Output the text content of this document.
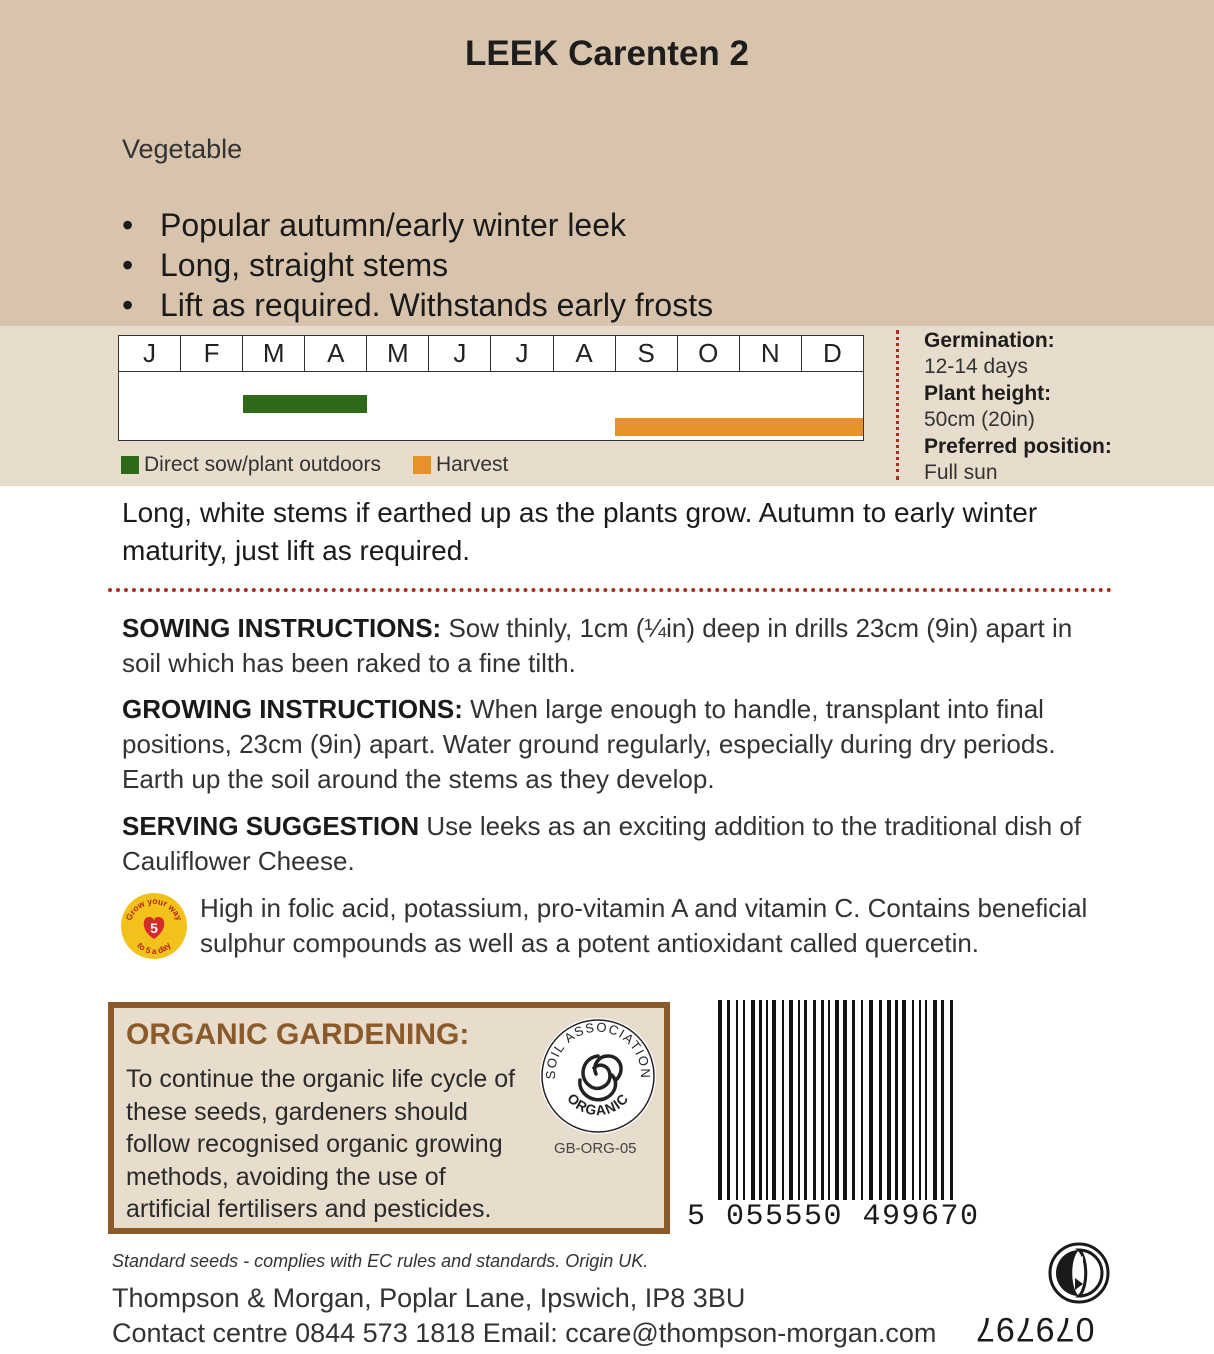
LEEK Carenten 2
Vegetable
• Popular autumn/early winter leek
• Long, straight stems
• Lift as required. Withstands early frosts
J	F	M	A	M	J	J	A	S	O	N	D
Direct sow/plant outdoors	Harvest
Germination:
12-14 days
Plant height:
50cm (20in)
Preferred position:
Full sun
Long, white stems if earthed up as the plants grow. Autumn to early winter maturity, just lift as required.
SOWING INSTRUCTIONS: Sow thinly, 1cm (¼in) deep in drills 23cm (9in) apart in soil which has been raked to a fine tilth.
GROWING INSTRUCTIONS: When large enough to handle, transplant into final positions, 23cm (9in) apart. Water ground regularly, especially during dry periods. Earth up the soil around the stems as they develop.
SERVING SUGGESTION Use leeks as an exciting addition to the traditional dish of Cauliflower Cheese.
Grow your way
to 5 a day
5
High in folic acid, potassium, pro-vitamin A and vitamin C. Contains beneficial sulphur compounds as well as a potent antioxidant called quercetin.
ORGANIC GARDENING:
To continue the organic life cycle of these seeds, gardeners should follow recognised organic growing methods, avoiding the use of artificial fertilisers and pesticides.
SOIL ASSOCIATION
ORGANIC
GB-ORG-05
5 055550 499670
Standard seeds - complies with EC rules and standards. Origin UK.
Thompson & Morgan, Poplar Lane, Ipswich, IP8 3BU
Contact centre 0844 573 1818 Email: ccare@thompson-morgan.com 079797
